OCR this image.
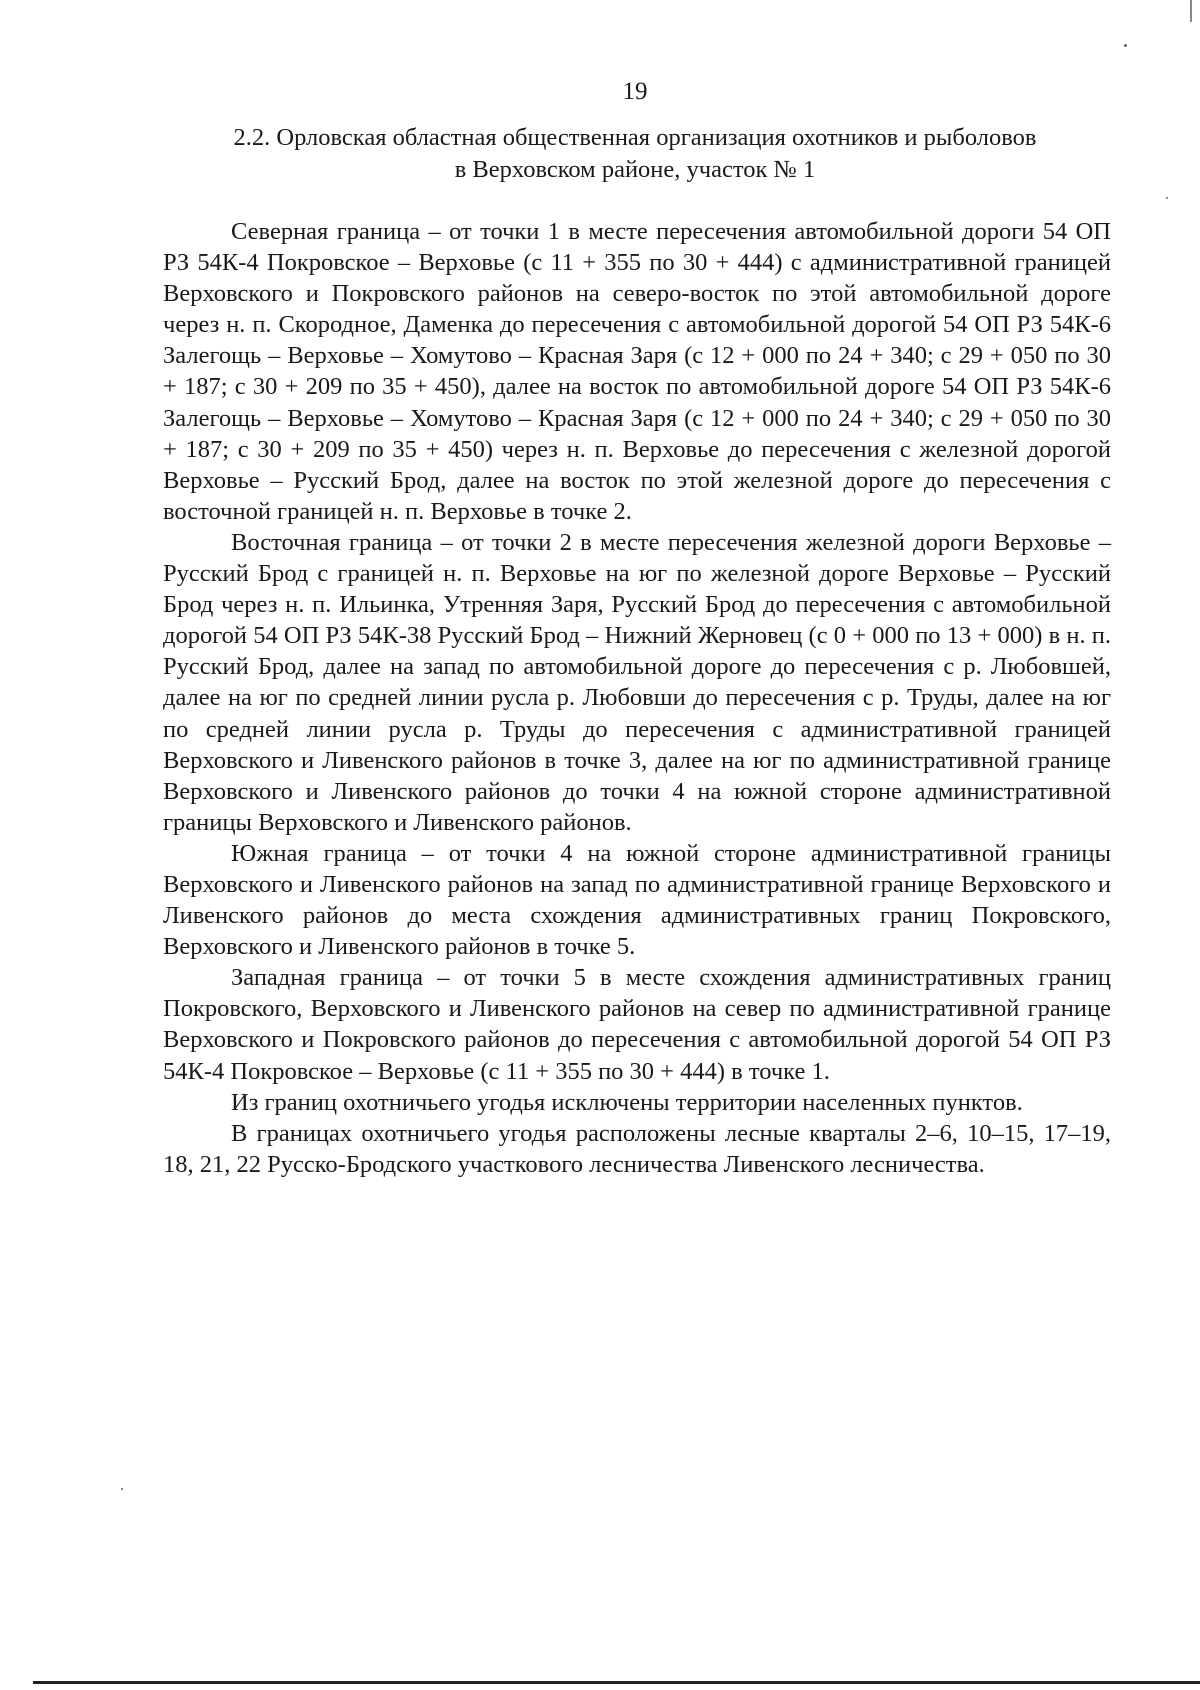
19
2.2. Орловская областная общественная организация охотников и рыболовов
в Верховском районе, участок № 1

Северная граница – от точки 1 в месте пересечения автомобильной дороги 54 ОП РЗ 54К-4 Покровское – Верховье (с 11 + 355 по 30 + 444) с административной границей Верховского и Покровского районов на северо-восток по этой автомобильной дороге через н. п. Скородное, Даменка до пересечения с автомобильной дорогой 54 ОП РЗ 54К-6 Залегощь – Верховье – Хомутово – Красная Заря (с 12 + 000 по 24 + 340; с 29 + 050 по 30 + 187; с 30 + 209 по 35 + 450), далее на восток по автомобильной дороге 54 ОП РЗ 54К-6 Залегощь – Верховье – Хомутово – Красная Заря (с 12 + 000 по 24 + 340; с 29 + 050 по 30 + 187; с 30 + 209 по 35 + 450) через н. п. Верховье до пересечения с железной дорогой Верховье – Русский Брод, далее на восток по этой железной дороге до пересечения с восточной границей н. п. Верховье в точке 2.

Восточная граница – от точки 2 в месте пересечения железной дороги Верховье – Русский Брод с границей н. п. Верховье на юг по железной дороге Верховье – Русский Брод через н. п. Ильинка, Утренняя Заря, Русский Брод до пересечения с автомобильной дорогой 54 ОП РЗ 54К-38 Русский Брод – Нижний Жерновец (с 0 + 000 по 13 + 000) в н. п. Русский Брод, далее на запад по автомобильной дороге до пересечения с р. Любовшей, далее на юг по средней линии русла р. Любовши до пересечения с р. Труды, далее на юг по средней линии русла р. Труды до пересечения с административной границей Верховского и Ливенского районов в точке 3, далее на юг по административной границе Верховского и Ливенского районов до точки 4 на южной стороне административной границы Верховского и Ливенского районов.

Южная граница – от точки 4 на южной стороне административной границы Верховского и Ливенского районов на запад по административной границе Верховского и Ливенского районов до места схождения административных границ Покровского, Верховского и Ливенского районов в точке 5.

Западная граница – от точки 5 в месте схождения административных границ Покровского, Верховского и Ливенского районов на север по административной границе Верховского и Покровского районов до пересечения с автомобильной дорогой 54 ОП РЗ 54К-4 Покровское – Верховье (с 11 + 355 по 30 + 444) в точке 1.

Из границ охотничьего угодья исключены территории населенных пунктов.

В границах охотничьего угодья расположены лесные кварталы 2–6, 10–15, 17–19, 18, 21, 22 Русско-Бродского участкового лесничества Ливенского лесничества.
